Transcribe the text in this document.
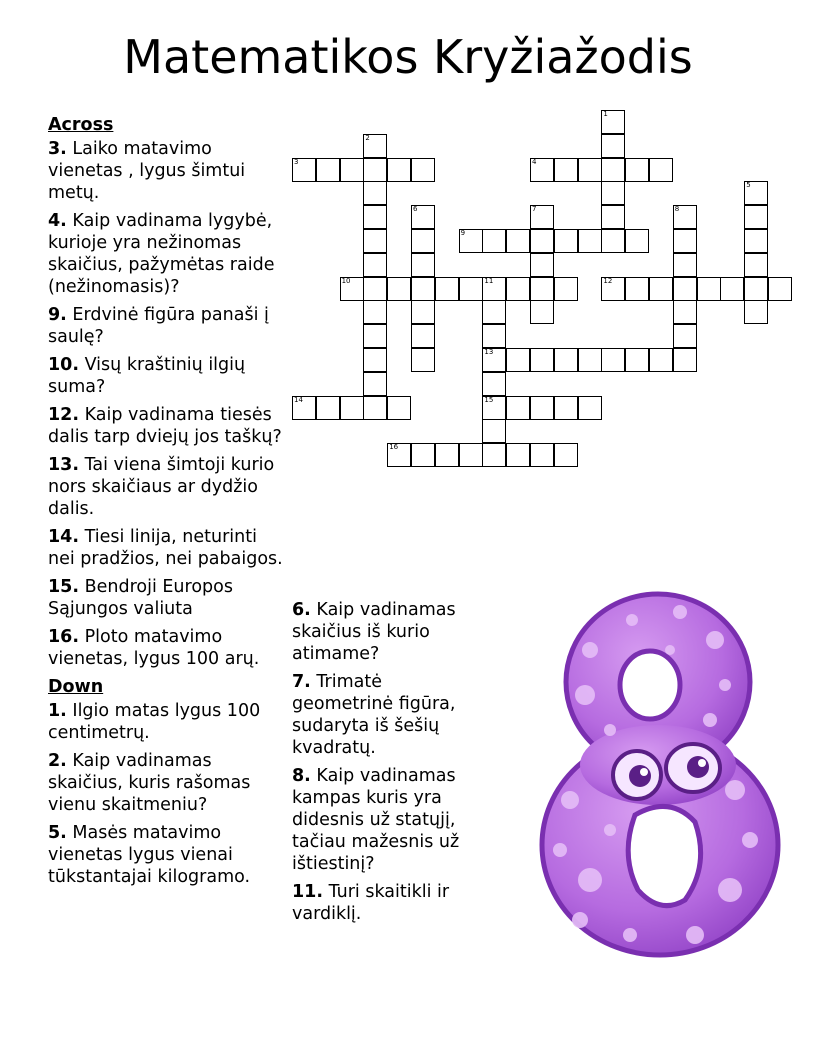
Matematikos Kryžiažodis
Across
3. Laiko matavimo vienetas , lygus šimtui metų.
4. Kaip vadinama lygybė, kurioje yra nežinomas skaičius, pažymėtas raide (nežinomasis)?
9. Erdvinė figūra panaši į saulę?
10. Visų kraštinių ilgių suma?
12. Kaip vadinama tiesės dalis tarp dviejų jos taškų?
13. Tai viena šimtoji kurio nors skaičiaus ar dydžio dalis.
14. Tiesi linija, neturinti nei pradžios, nei pabaigos.
15. Bendroji Europos Sąjungos valiuta
16. Ploto matavimo vienetas, lygus 100 arų.
Down
1. Ilgio matas lygus 100 centimetrų.
2. Kaip vadinamas skaičius, kuris rašomas vienu skaitmeniu?
5. Masės matavimo vienetas lygus vienai tūkstantajai kilogramo.
6. Kaip vadinamas skaičius iš kurio atimame?
7. Trimatė geometrinė figūra, sudaryta iš šešių kvadratų.
8. Kaip vadinamas kampas kuris yra didesnis už statųjį, tačiau mažesnis už ištiestinį?
11. Turi skaitikli ir vardiklį.
3	4
9
10	11	12
13
14	15
16
1
2
5
6	7	8
